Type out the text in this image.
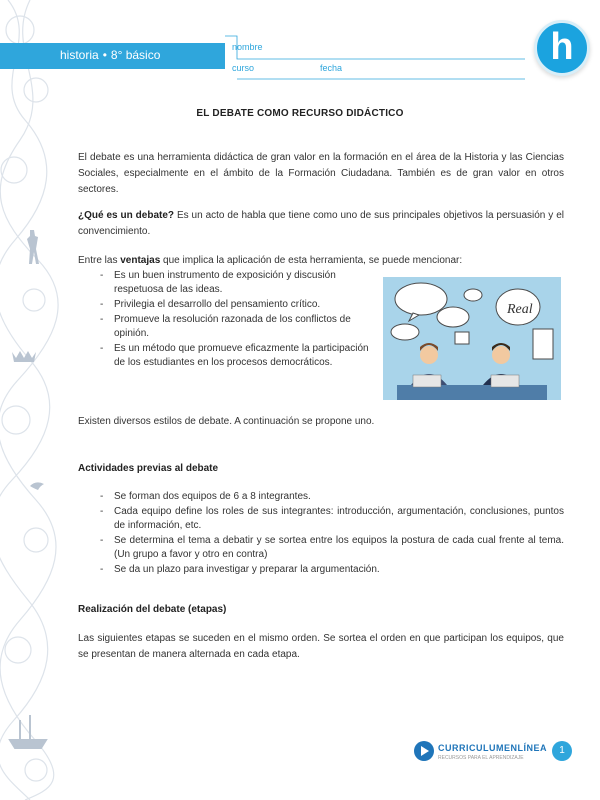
historia • 8° básico
nombre
curso	fecha	h
EL DEBATE COMO RECURSO DIDÁCTICO
El debate es una herramienta didáctica de gran valor en la formación en el área de la Historia y las Ciencias Sociales, especialmente en el ámbito de la Formación Ciudadana. También es de gran valor en otros sectores.
¿Qué es un debate? Es un acto de habla que tiene como uno de sus principales objetivos la persuasión y el convencimiento.
Entre las ventajas que implica la aplicación de esta herramienta, se puede mencionar:
- Es un buen instrumento de exposición y discusión respetuosa de las ideas.
- Privilegia el desarrollo del pensamiento crítico.
- Promueve la resolución razonada de los conflictos de opinión.
- Es un método que promueve eficazmente la participación de los estudiantes en los procesos democráticos.
Real
Existen diversos estilos de debate. A continuación se propone uno.
Actividades previas al debate
- Se forman dos equipos de 6 a 8 integrantes.
- Cada equipo define los roles de sus integrantes: introducción, argumentación, conclusiones, puntos de información, etc.
- Se determina el tema a debatir y se sortea entre los equipos la postura de cada cual frente al tema. (Un grupo a favor y otro en contra)
- Se da un plazo para investigar y preparar la argumentación.
Realización del debate (etapas)
Las siguientes etapas se suceden en el mismo orden. Se sortea el orden en que participan los equipos, que se presentan de manera alternada en cada etapa.
CURRICULUMENLÍNEA
RECURSOS PARA EL APRENDIZAJE
1
